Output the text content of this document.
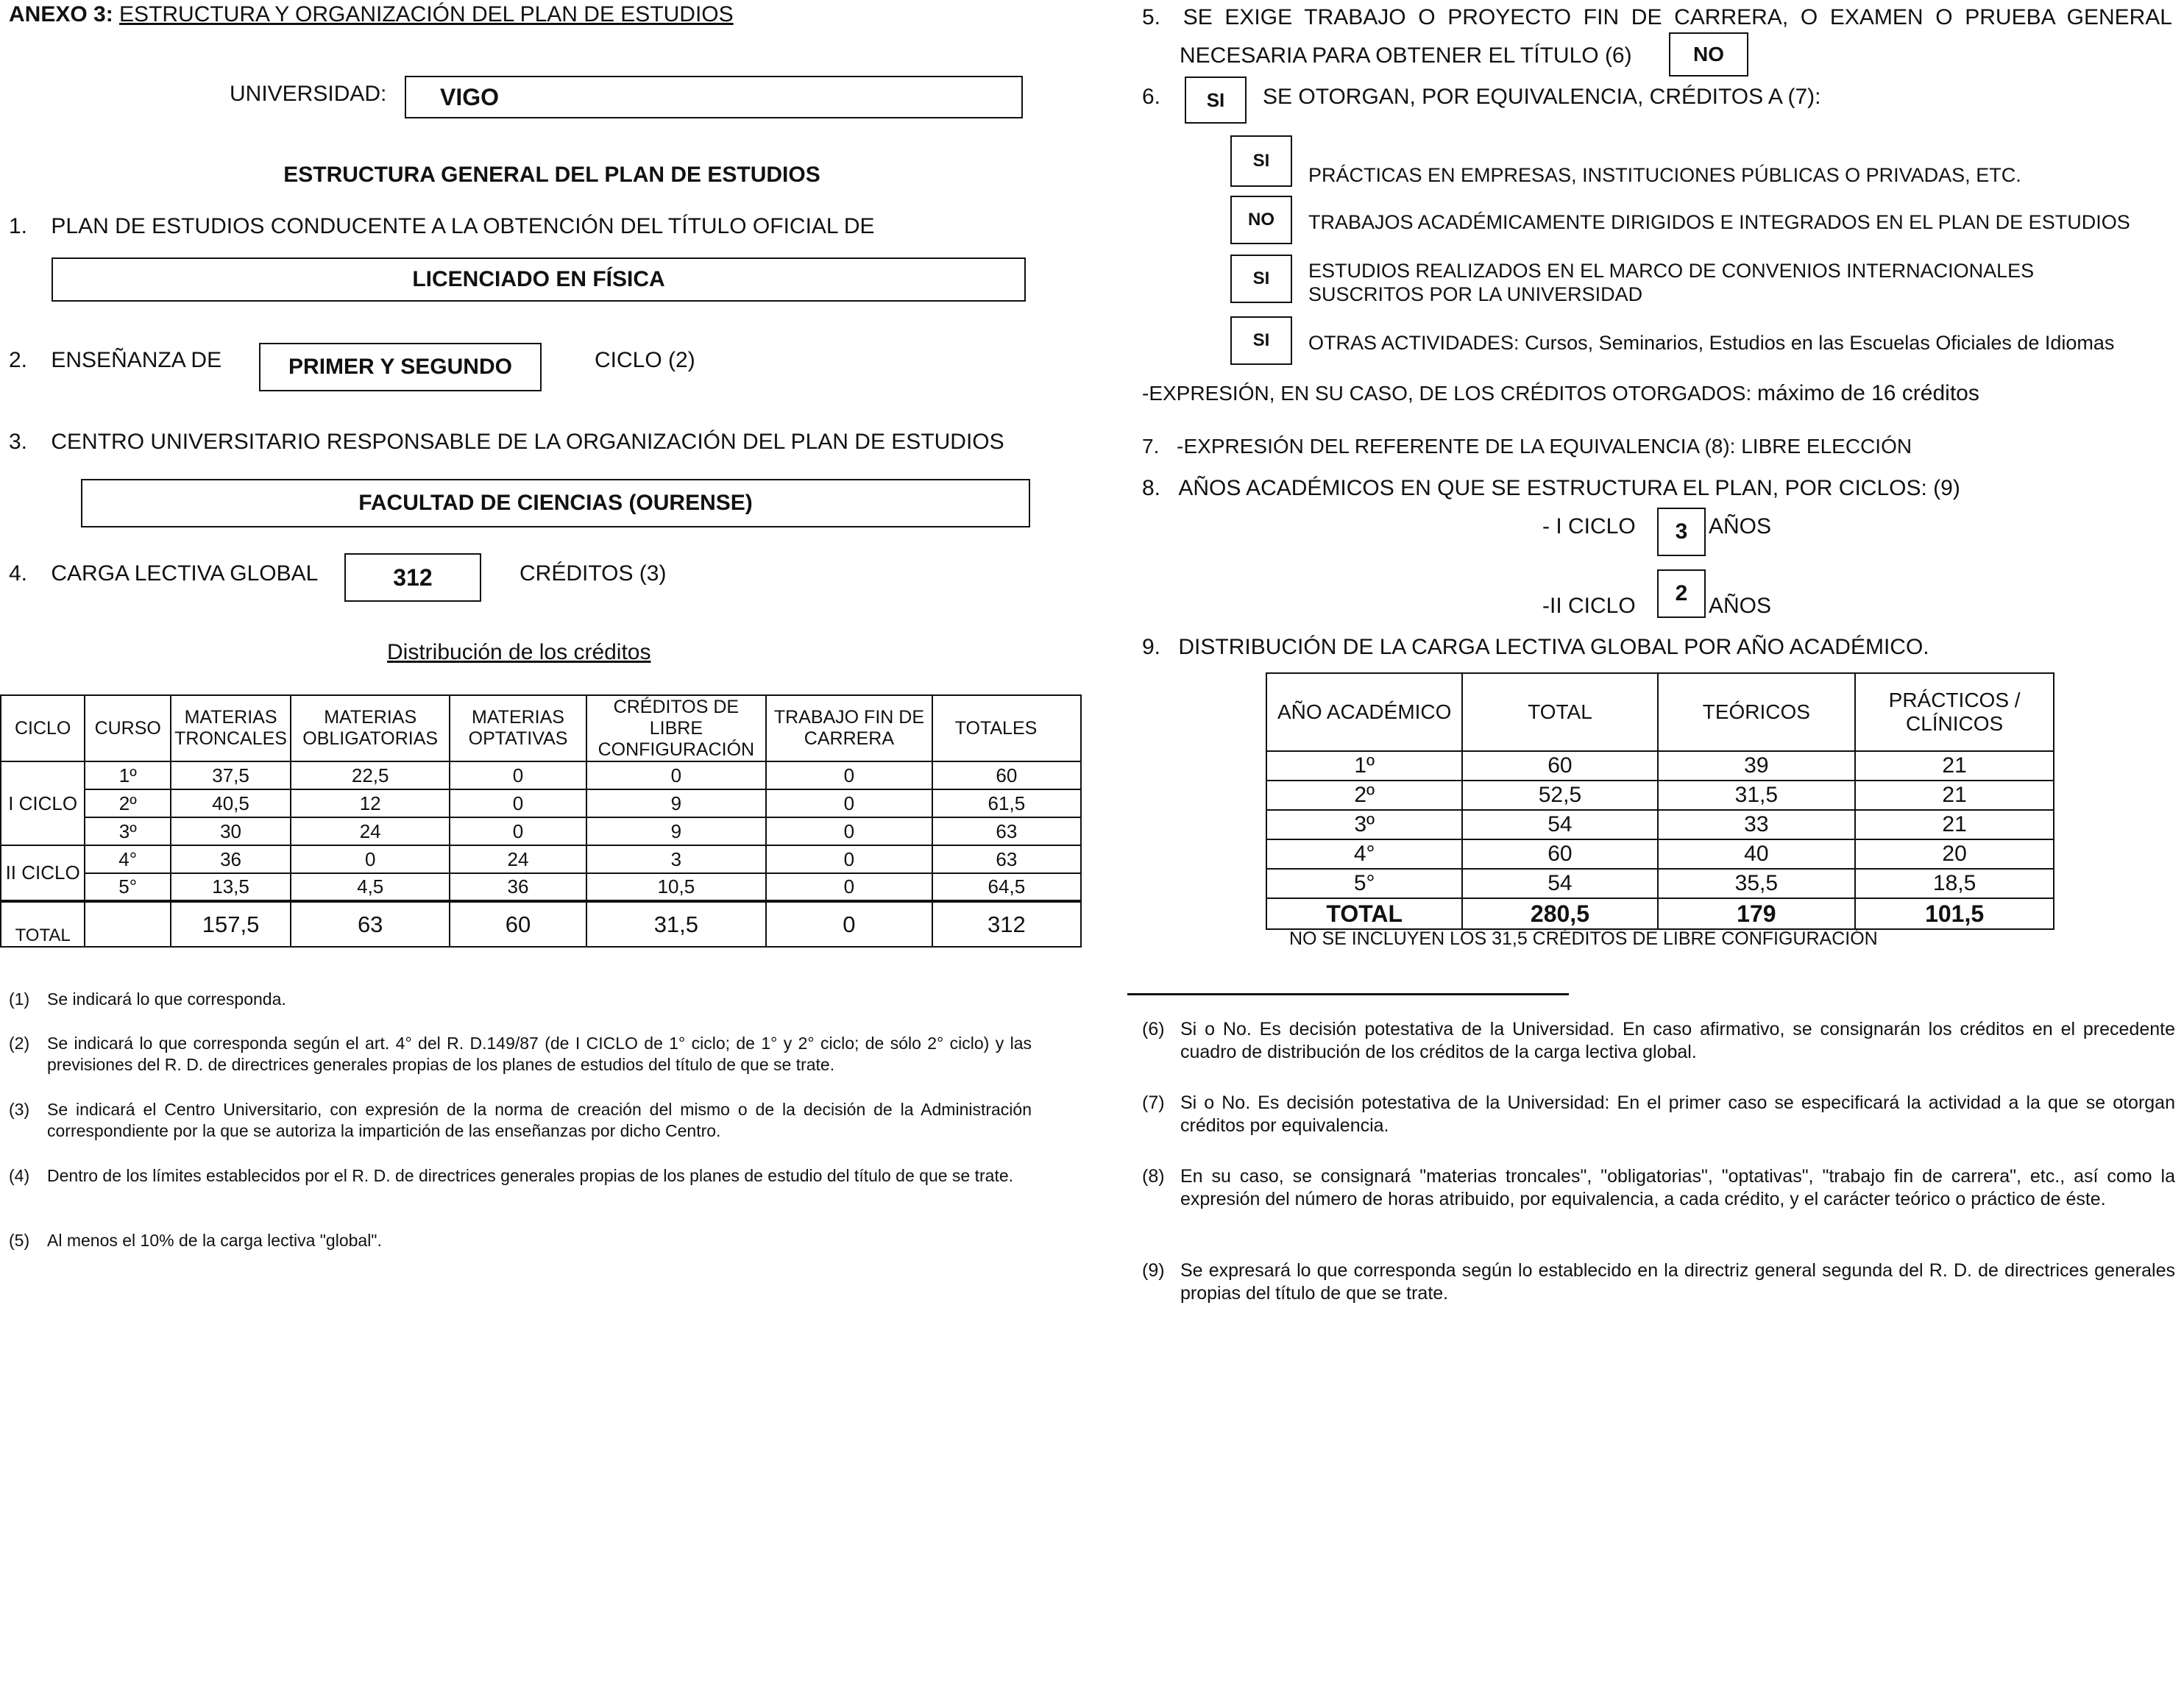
ANEXO 3: ESTRUCTURA Y ORGANIZACIÓN DEL PLAN DE ESTUDIOS
UNIVERSIDAD: VIGO
ESTRUCTURA GENERAL DEL PLAN DE ESTUDIOS
1. PLAN DE ESTUDIOS CONDUCENTE A LA OBTENCIÓN DEL TÍTULO OFICIAL DE
LICENCIADO EN FÍSICA
2. ENSEÑANZA DE	PRIMER Y SEGUNDO	CICLO (2)
3. CENTRO UNIVERSITARIO RESPONSABLE DE LA ORGANIZACIÓN DEL PLAN DE ESTUDIOS
FACULTAD DE CIENCIAS (OURENSE)
4. CARGA LECTIVA GLOBAL	312	CRÉDITOS (3)
Distribución de los créditos
CICLO	CURSO	MATERIAS TRONCALES	MATERIAS OBLIGATORIAS	MATERIAS OPTATIVAS	CRÉDITOS DE LIBRE CONFIGURACIÓN	TRABAJO FIN DE CARRERA	TOTALES
I CICLO	1º	37,5	22,5	0	0	0	60
	2º	40,5	12	0	9	0	61,5
	3º	30	24	0	9	0	63
II CICLO	4°	36	0	24	3	0	63
	5°	13,5	4,5	36	10,5	0	64,5
TOTAL		157,5	63	60	31,5	0	312
(1) Se indicará lo que corresponda.
(2) Se indicará lo que corresponda según el art. 4° del R. D.149/87 (de I CICLO de 1° ciclo; de 1° y 2° ciclo; de sólo 2° ciclo) y las previsiones del R. D. de directrices generales propias de los planes de estudios del título de que se trate.
(3) Se indicará el Centro Universitario, con expresión de la norma de creación del mismo o de la decisión de la Administración correspondiente por la que se autoriza la impartición de las enseñanzas por dicho Centro.
(4) Dentro de los límites establecidos por el R. D. de directrices generales propias de los planes de estudio del título de que se trate.
(5) Al menos el 10% de la carga lectiva "global".
5. SE EXIGE TRABAJO O PROYECTO FIN DE CARRERA, O EXAMEN O PRUEBA GENERAL
NECESARIA PARA OBTENER EL TÍTULO (6)	NO
6. SI SE OTORGAN, POR EQUIVALENCIA, CRÉDITOS A (7):
SI
PRÁCTICAS EN EMPRESAS, INSTITUCIONES PÚBLICAS O PRIVADAS, ETC.
NO TRABAJOS ACADÉMICAMENTE DIRIGIDOS E INTEGRADOS EN EL PLAN DE ESTUDIOS
SI ESTUDIOS REALIZADOS EN EL MARCO DE CONVENIOS INTERNACIONALES
SUSCRITOS POR LA UNIVERSIDAD
SI OTRAS ACTIVIDADES: Cursos, Seminarios, Estudios en las Escuelas Oficiales de Idiomas
-EXPRESIÓN, EN SU CASO, DE LOS CRÉDITOS OTORGADOS: máximo de 16 créditos
7. -EXPRESIÓN DEL REFERENTE DE LA EQUIVALENCIA (8): LIBRE ELECCIÓN
8. AÑOS ACADÉMICOS EN QUE SE ESTRUCTURA EL PLAN, POR CICLOS: (9)
- I CICLO 3 AÑOS
-II CICLO
2
AÑOS
9. DISTRIBUCIÓN DE LA CARGA LECTIVA GLOBAL POR AÑO ACADÉMICO.
AÑO ACADÉMICO	TOTAL	TEÓRICOS	PRÁCTICOS / CLÍNICOS
1º	60	39	21
2º	52,5	31,5	21
3º	54	33	21
4°	60	40	20
5°	54	35,5	18,5
TOTAL	280,5	179	101,5
NO SE INCLUYEN LOS 31,5 CRÉDITOS DE LIBRE CONFIGURACIÓN
(6) Si o No. Es decisión potestativa de la Universidad. En caso afirmativo, se consignarán los créditos en el precedente cuadro de distribución de los créditos de la carga lectiva global.
(7) Si o No. Es decisión potestativa de la Universidad: En el primer caso se especificará la actividad a la que se otorgan créditos por equivalencia.
(8) En su caso, se consignará "materias troncales", "obligatorias", "optativas", "trabajo fin de carrera", etc., así como la expresión del número de horas atribuido, por equivalencia, a cada crédito, y el carácter teórico o práctico de éste.
(9) Se expresará lo que corresponda según lo establecido en la directriz general segunda del R. D. de directrices generales propias del título de que se trate.
